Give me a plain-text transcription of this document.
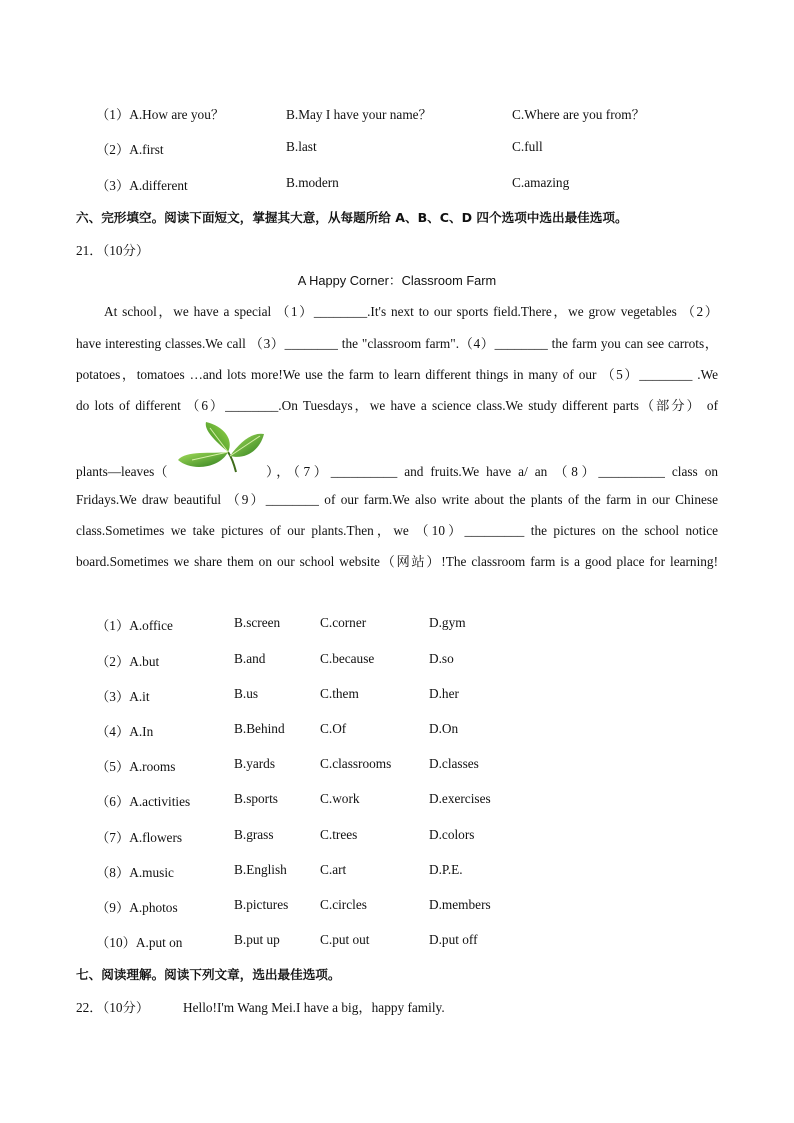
（1）A.How are you？	B.May I have your name？	C.Where are you from？
（2）A.first	B.last	C.full
（3）A.different	B.modern	C.amazing
六、完形填空。阅读下面短文，掌握其大意，从每题所给 A、B、C、D 四个选项中选出最佳选项。
21．（10分）
A Happy Corner：Classroom Farm
At school，we have a special （1）________.It's next to our sports field.There，we grow vegetables （2）
have interesting classes.We call （3）________ the "classroom farm".（4）________ the farm you can see carrots，
potatoes，tomatoes …and lots more!We use the farm to learn different things in many of our （5）________ .We
do lots of different （6）________.On Tuesdays，we have a science class.We study different parts（部分） of
plants—leaves（	），（7）__________ and fruits.We have a/ an （8）__________ class on
Fridays.We draw beautiful （9）________ of our farm.We also write about the plants of the farm in our Chinese
class.Sometimes we take pictures of our plants.Then，we （10）_________ the pictures on the school notice
board.Sometimes we share them on our school website（网站）!The classroom farm is a good place for learning!
（1）A.office	B.screen	C.corner	D.gym
（2）A.but	B.and	C.because	D.so
（3）A.it	B.us	C.them	D.her
（4）A.In	B.Behind	C.Of	D.On
（5）A.rooms	B.yards	C.classrooms	D.classes
（6）A.activities	B.sports	C.work	D.exercises
（7）A.flowers	B.grass	C.trees	D.colors
（8）A.music	B.English C.art	D.P.E.
（9）A.photos	B.pictures C.circles	D.members
（10）A.put on	B.put up	C.put out	D.put off
七、阅读理解。阅读下列文章，选出最佳选项。
22．（10分）	Hello!I'm Wang Mei.I have a big，happy family.
